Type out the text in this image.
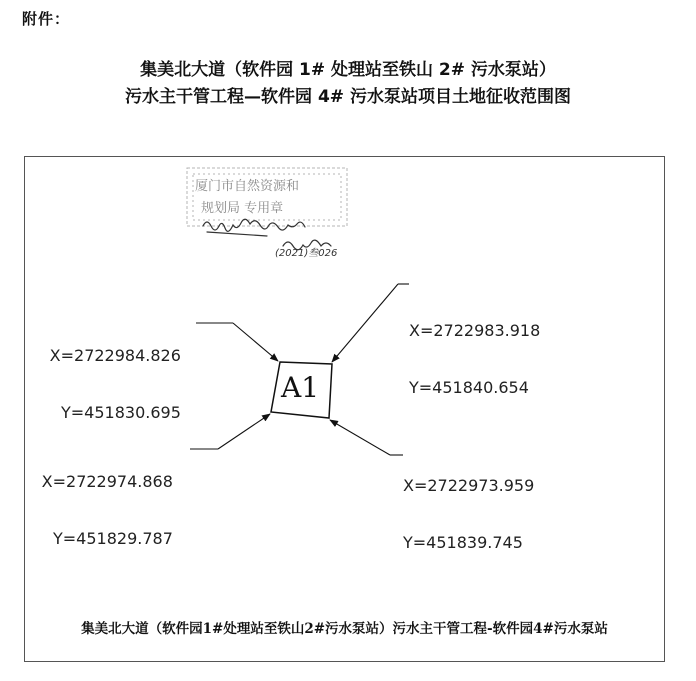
附件：
集美北大道（软件园 1# 处理站至铁山 2# 污水泵站）
污水主干管工程—软件园 4# 污水泵站项目土地征收范围图
厦门市自然资源和
规划局 专用章
(2021)叁026
A1

X=2722984.826

Y=451830.695

X=2722983.918

Y=451840.654

X=2722974.868

Y=451829.787

X=2722973.959

Y=451839.745

集美北大道（软件园1#处理站至铁山2#污水泵站）污水主干管工程-软件园4#污水泵站
